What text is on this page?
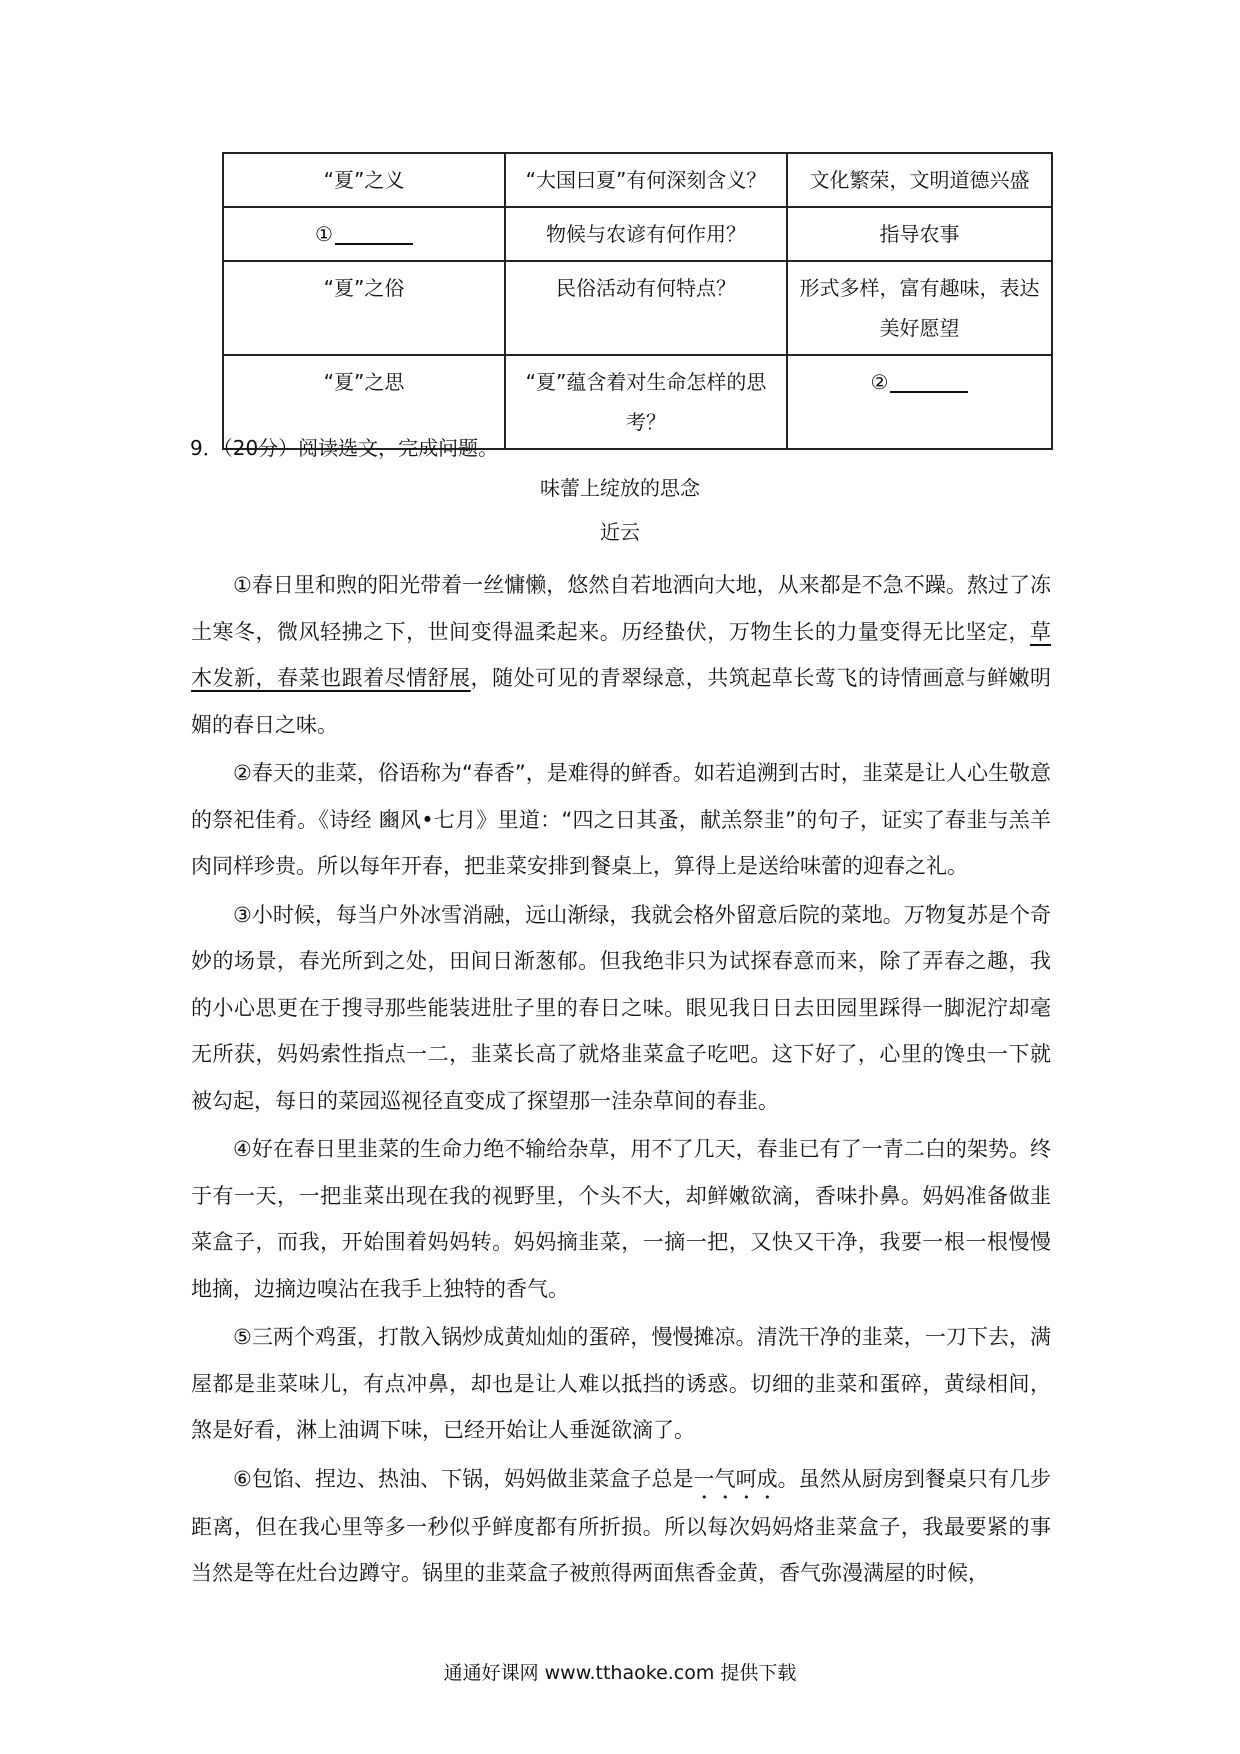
“夏”之义	“大国曰夏”有何深刻含义？	文化繁荣，文明道德兴盛
①	物候与农谚有何作用？	指导农事
“夏”之俗	民俗活动有何特点？	形式多样，富有趣味，表达美好愿望
“夏”之思	“夏”蕴含着对生命怎样的思考？	②
9．（20分）阅读选文，完成问题。
味蕾上绽放的思念
近云

①春日里和煦的阳光带着一丝慵懒，悠然自若地洒向大地，从来都是不急不躁。熬过了冻土寒冬，微风轻拂之下，世间变得温柔起来。历经蛰伏，万物生长的力量变得无比坚定，草木发新，春菜也跟着尽情舒展，随处可见的青翠绿意，共筑起草长莺飞的诗情画意与鲜嫩明媚的春日之味。

②春天的韭菜，俗语称为“春香”，是难得的鲜香。如若追溯到古时，韭菜是让人心生敬意的祭祀佳肴。《诗经 豳风•七月》里道：“四之日其蚤，献羔祭韭”的句子，证实了春韭与羔羊肉同样珍贵。所以每年开春，把韭菜安排到餐桌上，算得上是送给味蕾的迎春之礼。

③小时候，每当户外冰雪消融，远山渐绿，我就会格外留意后院的菜地。万物复苏是个奇妙的场景，春光所到之处，田间日渐葱郁。但我绝非只为试探春意而来，除了弄春之趣，我的小心思更在于搜寻那些能装进肚子里的春日之味。眼见我日日去田园里踩得一脚泥泞却毫无所获，妈妈索性指点一二，韭菜长高了就烙韭菜盒子吃吧。这下好了，心里的馋虫一下就被勾起，每日的菜园巡视径直变成了探望那一洼杂草间的春韭。

④好在春日里韭菜的生命力绝不输给杂草，用不了几天，春韭已有了一青二白的架势。终于有一天，一把韭菜出现在我的视野里，个头不大，却鲜嫩欲滴，香味扑鼻。妈妈准备做韭菜盒子，而我，开始围着妈妈转。妈妈摘韭菜，一摘一把，又快又干净，我要一根一根慢慢地摘，边摘边嗅沾在我手上独特的香气。

⑤三两个鸡蛋，打散入锅炒成黄灿灿的蛋碎，慢慢摊凉。清洗干净的韭菜，一刀下去，满屋都是韭菜味儿，有点冲鼻，却也是让人难以抵挡的诱惑。切细的韭菜和蛋碎，黄绿相间，煞是好看，淋上油调下味，已经开始让人垂涎欲滴了。

⑥包馅、捏边、热油、下锅，妈妈做韭菜盒子总是一气呵成。虽然从厨房到餐桌只有几步距离，但在我心里等多一秒似乎鲜度都有所折损。所以每次妈妈烙韭菜盒子，我最要紧的事当然是等在灶台边蹲守。锅里的韭菜盒子被煎得两面焦香金黄，香气弥漫满屋的时候，

通通好课网 www.tthaoke.com 提供下载
